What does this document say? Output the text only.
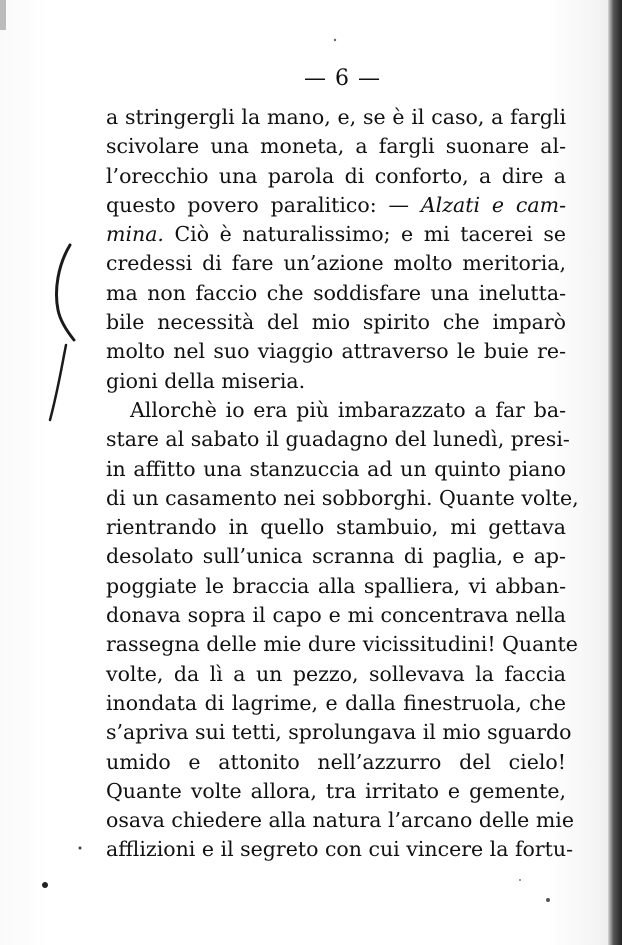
— 6 —
a stringergli la mano, e, se è il caso, a fargli
scivolare una moneta, a fargli suonare al-
l’orecchio una parola di conforto, a dire a
questo povero paralitico: — Alzati e cam-
mina. Ciò è naturalissimo; e mi tacerei se
credessi di fare un’azione molto meritoria,
ma non faccio che soddisfare una inelutta-
bile necessità del mio spirito che imparò
molto nel suo viaggio attraverso le buie re-
gioni della miseria.
Allorchè io era più imbarazzato a far ba-
stare al sabato il guadagno del lunedì, presi-
in affitto una stanzuccia ad un quinto piano
di un casamento nei sobborghi. Quante volte,
rientrando in quello stambuio, mi gettava
desolato sull’unica scranna di paglia, e ap-
poggiate le braccia alla spalliera, vi abban-
donava sopra il capo e mi concentrava nella
rassegna delle mie dure vicissitudini! Quante
volte, da lì a un pezzo, sollevava la faccia
inondata di lagrime, e dalla finestruola, che
s’apriva sui tetti, sprolungava il mio sguardo
umido e attonito nell’azzurro del cielo!
Quante volte allora, tra irritato e gemente,
osava chiedere alla natura l’arcano delle mie
afflizioni e il segreto con cui vincere la fortu-
